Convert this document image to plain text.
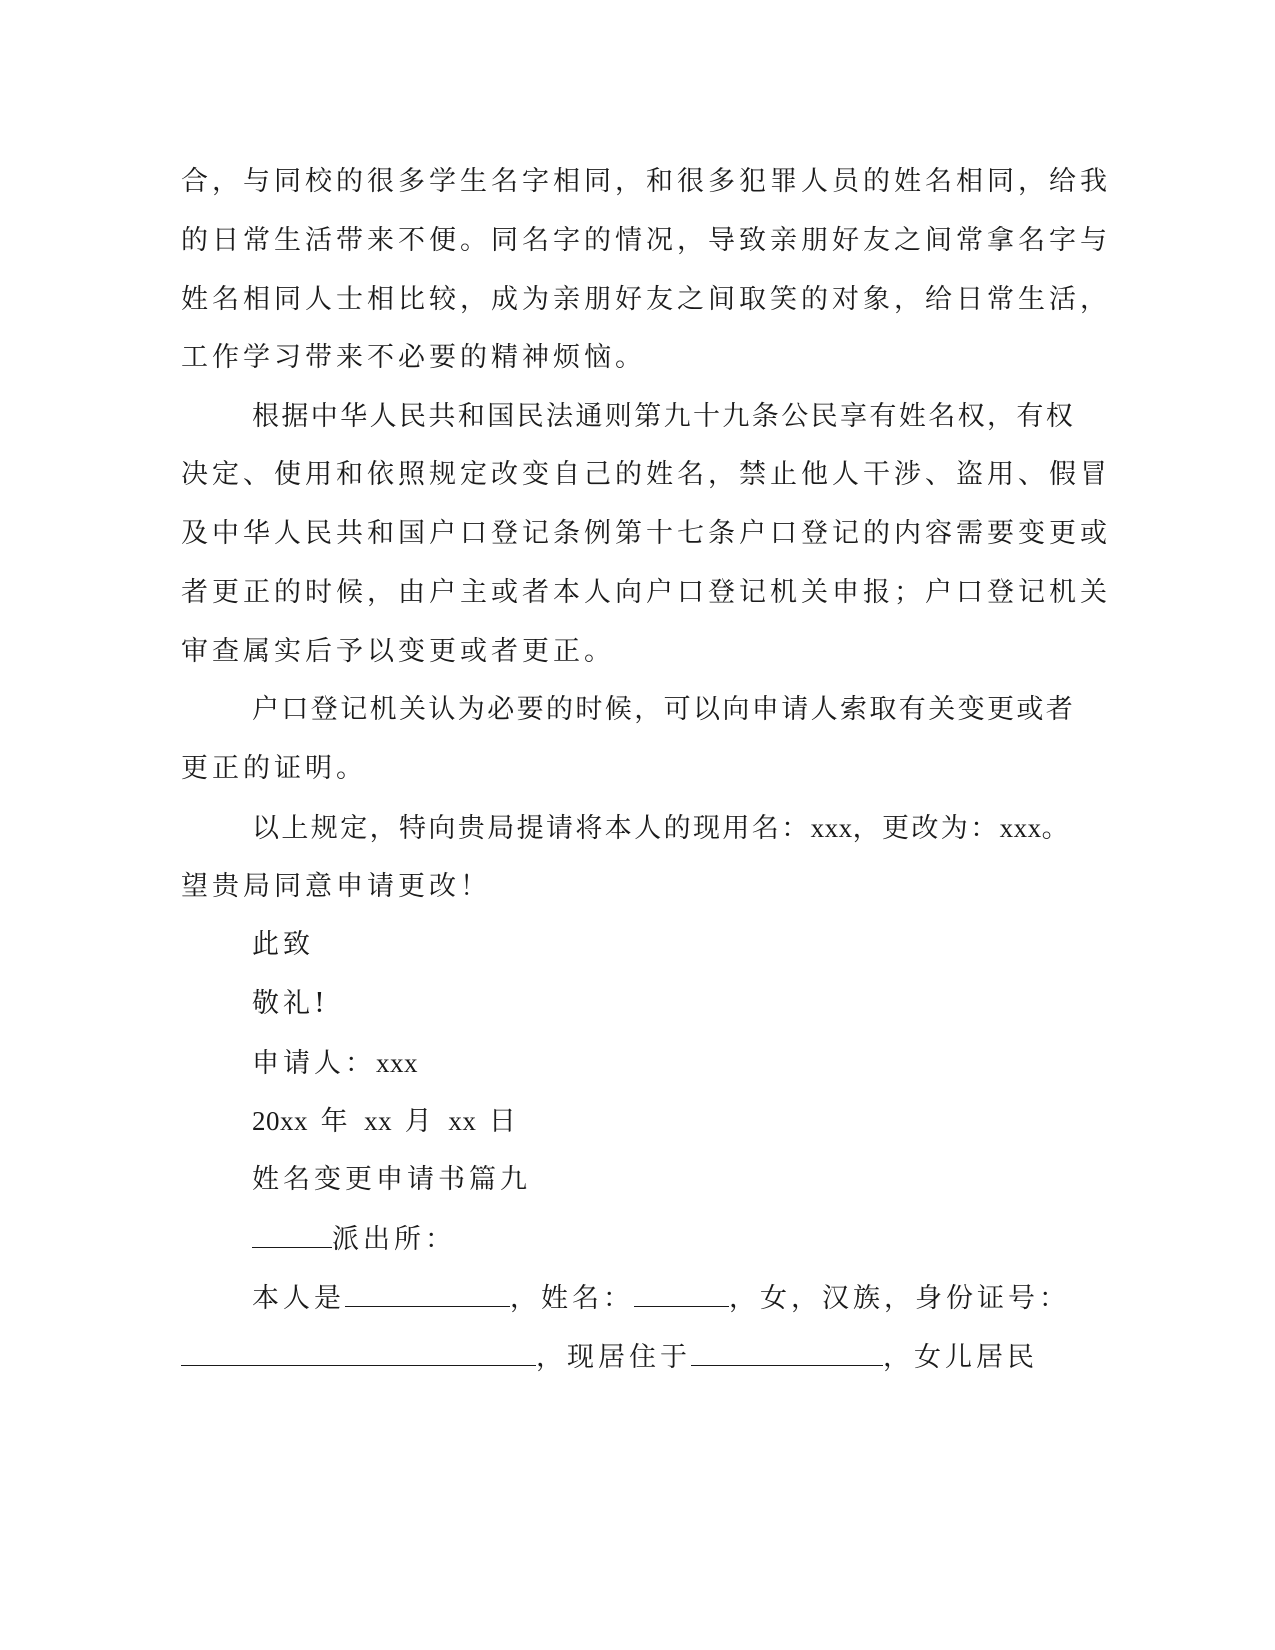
合，与同校的很多学生名字相同，和很多犯罪人员的姓名相同，给我
的日常生活带来不便。同名字的情况，导致亲朋好友之间常拿名字与
姓名相同人士相比较，成为亲朋好友之间取笑的对象，给日常生活，
工作学习带来不必要的精神烦恼。
根据中华人民共和国民法通则第九十九条公民享有姓名权，有权
决定、使用和依照规定改变自己的姓名，禁止他人干涉、盗用、假冒
及中华人民共和国户口登记条例第十七条户口登记的内容需要变更或
者更正的时候，由户主或者本人向户口登记机关申报；户口登记机关
审查属实后予以变更或者更正。
户口登记机关认为必要的时候，可以向申请人索取有关变更或者
更正的证明。
以上规定，特向贵局提请将本人的现用名：xxx，更改为：xxx。
望贵局同意申请更改！
此致
敬礼!
申请人：xxx
20xx 年 xx 月 xx 日
姓名变更申请书篇九
派出所：
本人是	，姓名：	，女，汉族，身份证号：
，现居住于	，女儿居民
